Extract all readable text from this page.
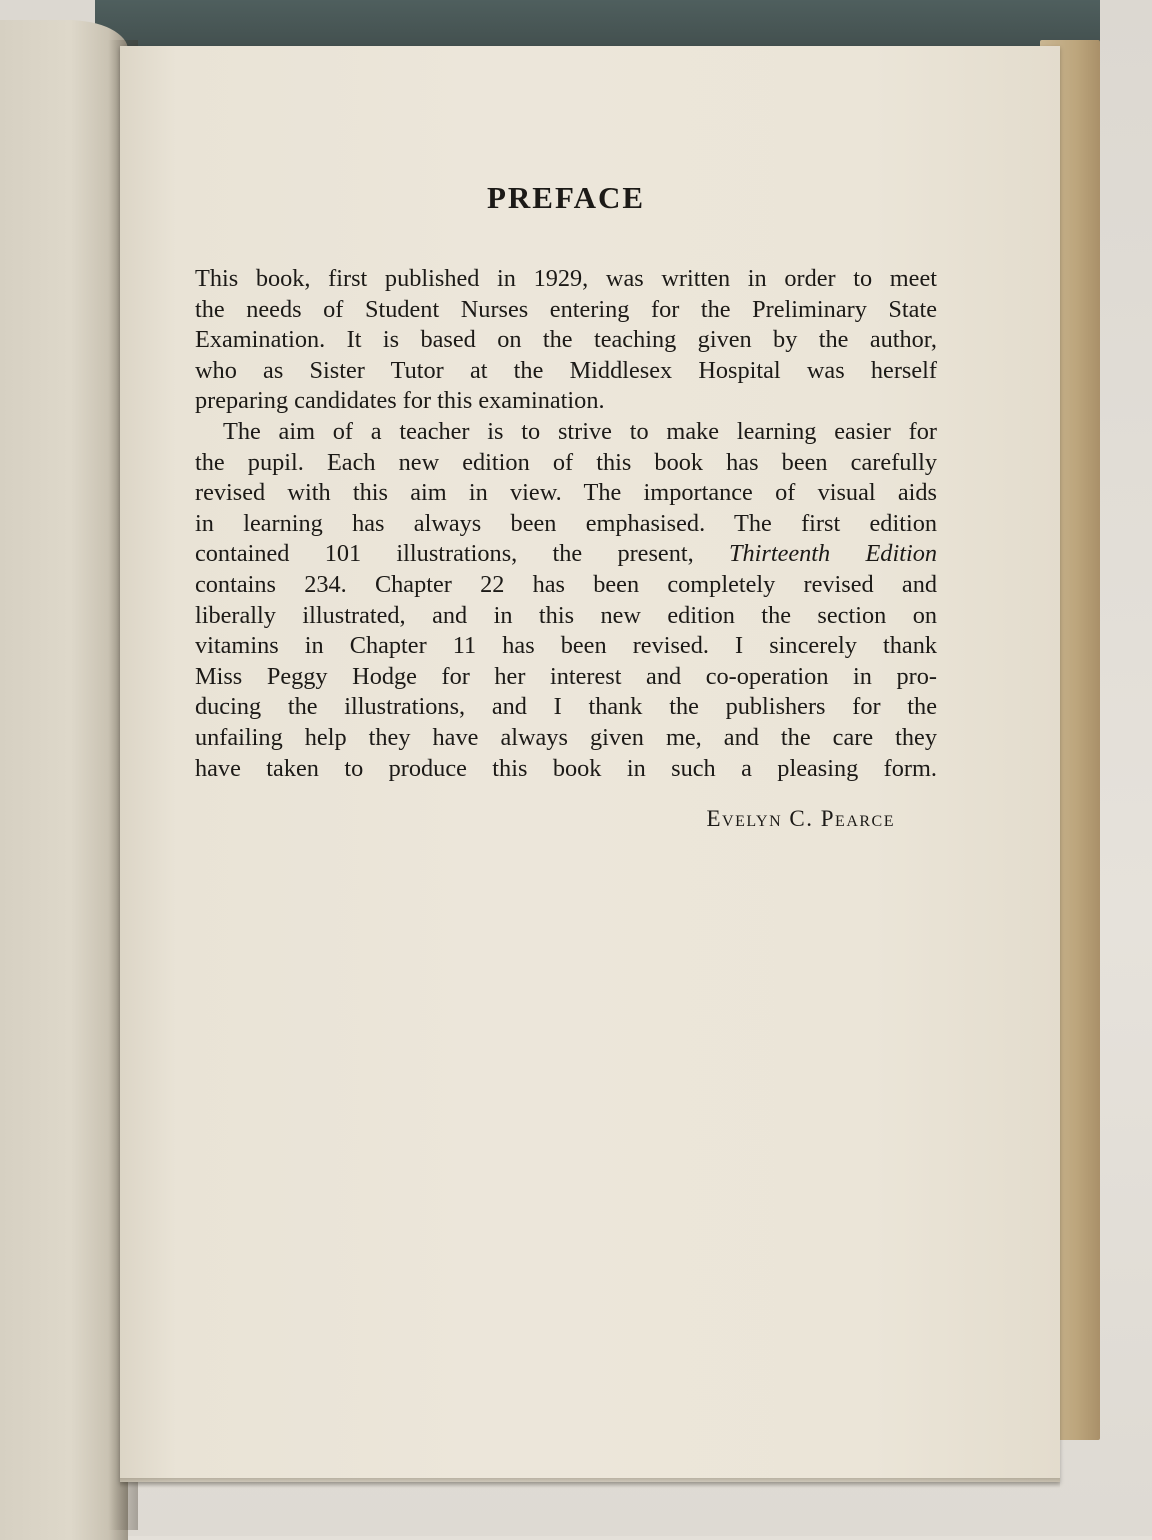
PREFACE

This book, first published in 1929, was written in order to meet
the needs of Student Nurses entering for the Preliminary State
Examination. It is based on the teaching given by the author,
who as Sister Tutor at the Middlesex Hospital was herself
preparing candidates for this examination.

The aim of a teacher is to strive to make learning easier for
the pupil. Each new edition of this book has been carefully
revised with this aim in view. The importance of visual aids
in learning has always been emphasised. The first edition
contained 101 illustrations, the present, Thirteenth Edition
contains 234. Chapter 22 has been completely revised and
liberally illustrated, and in this new edition the section on
vitamins in Chapter 11 has been revised. I sincerely thank
Miss Peggy Hodge for her interest and co-operation in pro-
ducing the illustrations, and I thank the publishers for the
unfailing help they have always given me, and the care they
have taken to produce this book in such a pleasing form.

Evelyn C. Pearce
